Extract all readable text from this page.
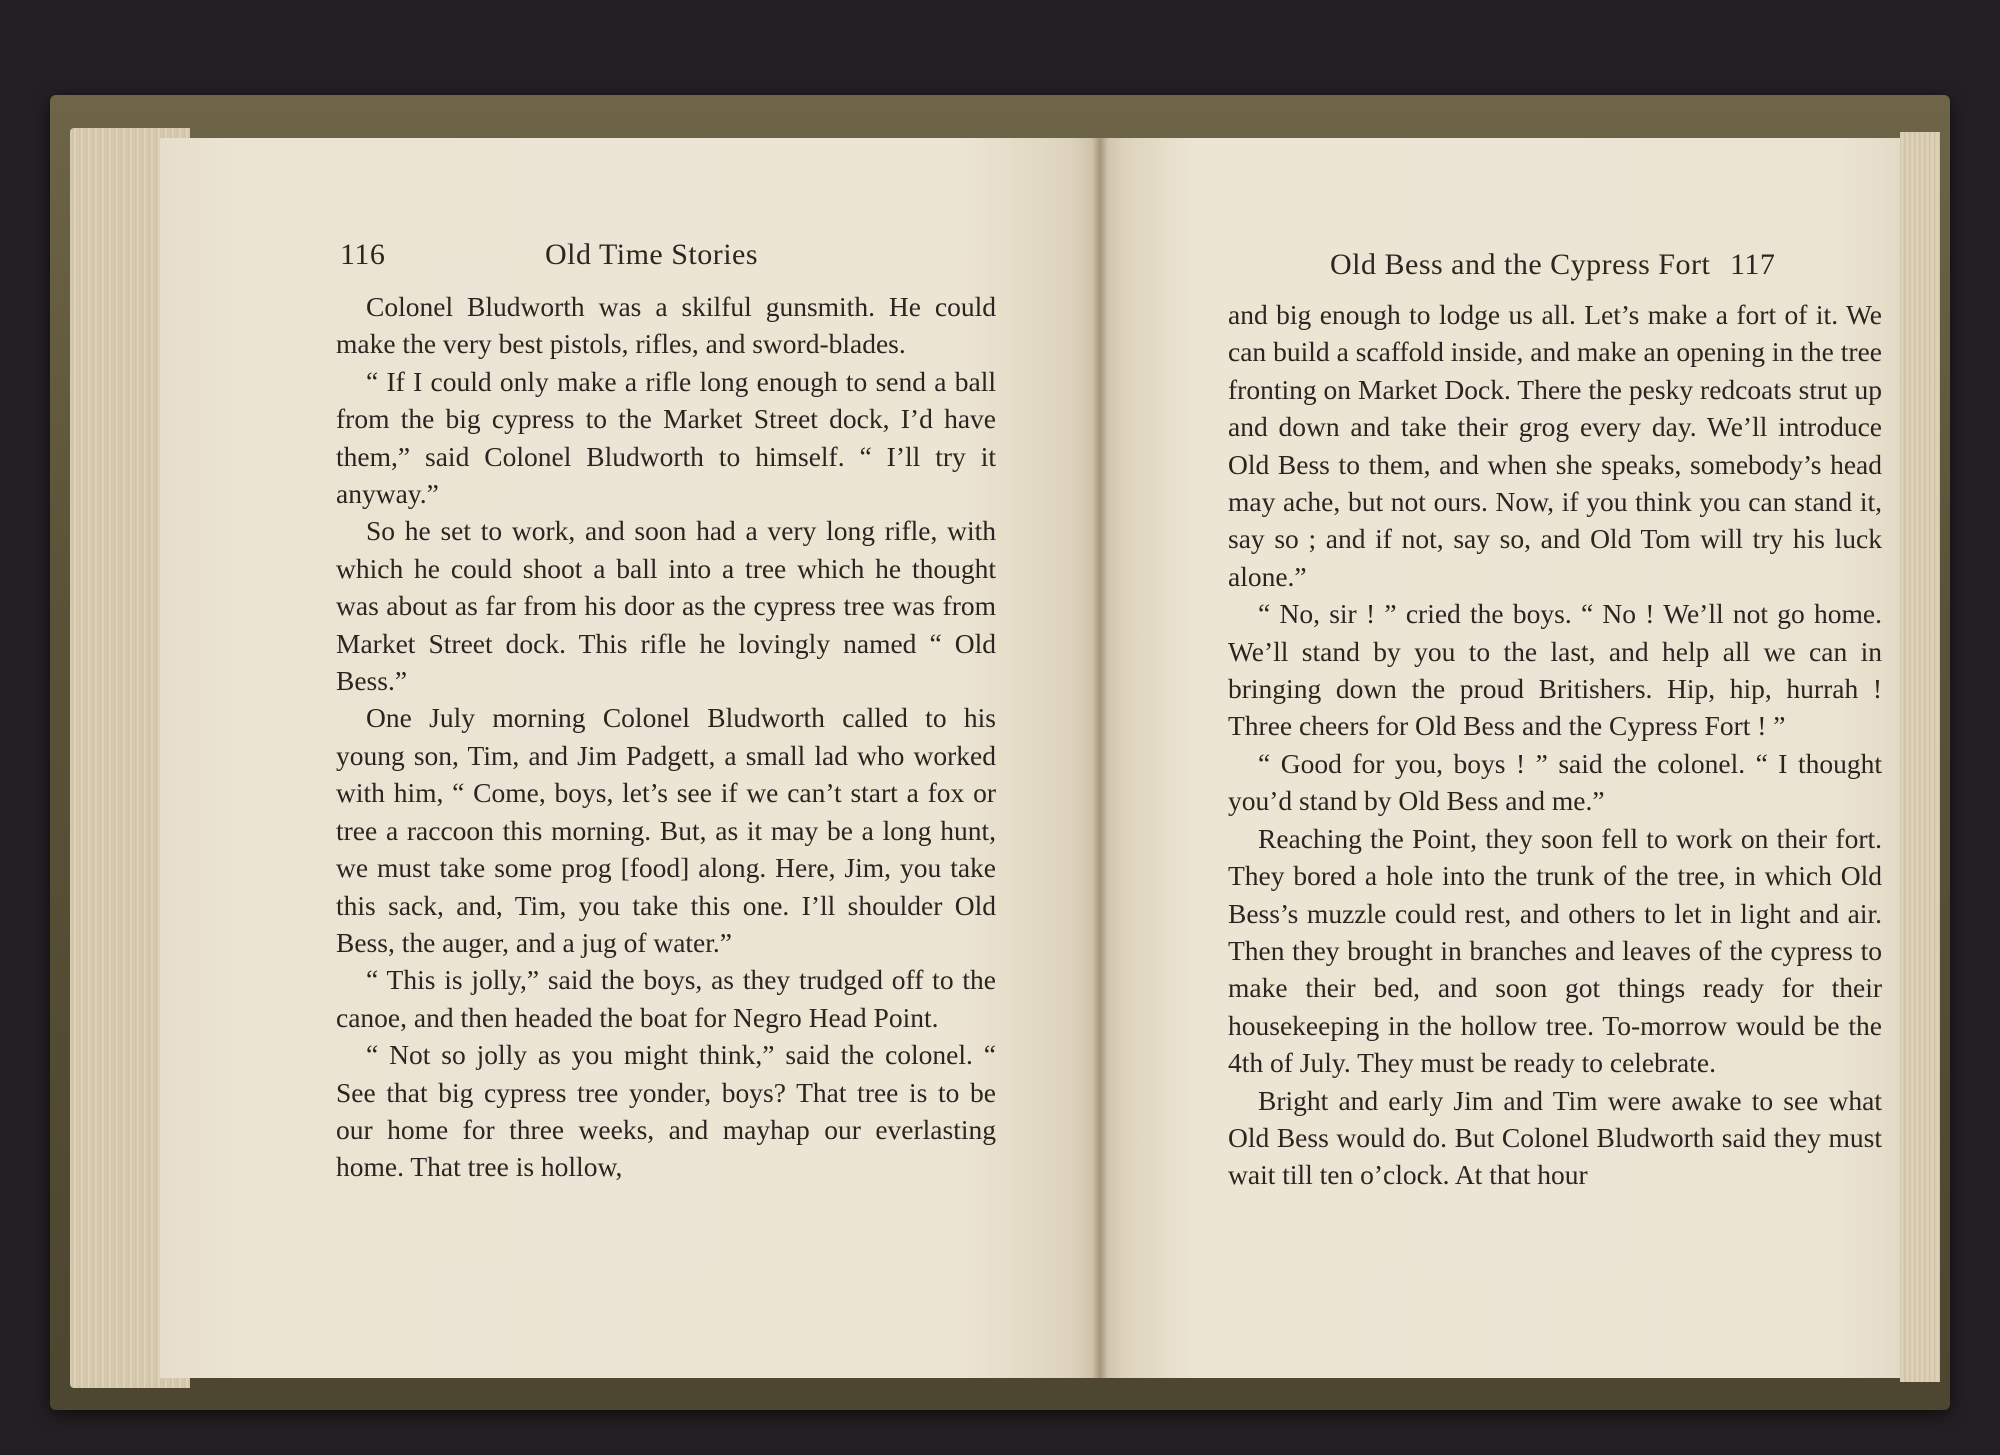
116	Old Time Stories

Colonel Bludworth was a skilful gunsmith. He could make the very best pistols, rifles, and sword-blades.

“ If I could only make a rifle long enough to send a ball from the big cypress to the Market Street dock, I’d have them,” said Colonel Bludworth to himself. “ I’ll try it anyway.”

So he set to work, and soon had a very long rifle, with which he could shoot a ball into a tree which he thought was about as far from his door as the cypress tree was from Market Street dock. This rifle he lovingly named “ Old Bess.”

One July morning Colonel Bludworth called to his young son, Tim, and Jim Padgett, a small lad who worked with him, “ Come, boys, let’s see if we can’t start a fox or tree a raccoon this morning. But, as it may be a long hunt, we must take some prog [food] along. Here, Jim, you take this sack, and, Tim, you take this one. I’ll shoulder Old Bess, the auger, and a jug of water.”

“ This is jolly,” said the boys, as they trudged off to the canoe, and then headed the boat for Negro Head Point.

“ Not so jolly as you might think,” said the colonel. “ See that big cypress tree yonder, boys? That tree is to be our home for three weeks, and mayhap our everlasting home. That tree is hollow,

Old Bess and the Cypress Fort 117

and big enough to lodge us all. Let’s make a fort of it. We can build a scaffold inside, and make an opening in the tree fronting on Market Dock. There the pesky redcoats strut up and down and take their grog every day. We’ll introduce Old Bess to them, and when she speaks, somebody’s head may ache, but not ours. Now, if you think you can stand it, say so ; and if not, say so, and Old Tom will try his luck alone.”

“ No, sir ! ” cried the boys. “ No ! We’ll not go home. We’ll stand by you to the last, and help all we can in bringing down the proud Britishers. Hip, hip, hurrah ! Three cheers for Old Bess and the Cypress Fort ! ”

“ Good for you, boys ! ” said the colonel. “ I thought you’d stand by Old Bess and me.”

Reaching the Point, they soon fell to work on their fort. They bored a hole into the trunk of the tree, in which Old Bess’s muzzle could rest, and others to let in light and air. Then they brought in branches and leaves of the cypress to make their bed, and soon got things ready for their housekeeping in the hollow tree. To-morrow would be the 4th of July. They must be ready to celebrate.

Bright and early Jim and Tim were awake to see what Old Bess would do. But Colonel Bludworth said they must wait till ten o’clock. At that hour
